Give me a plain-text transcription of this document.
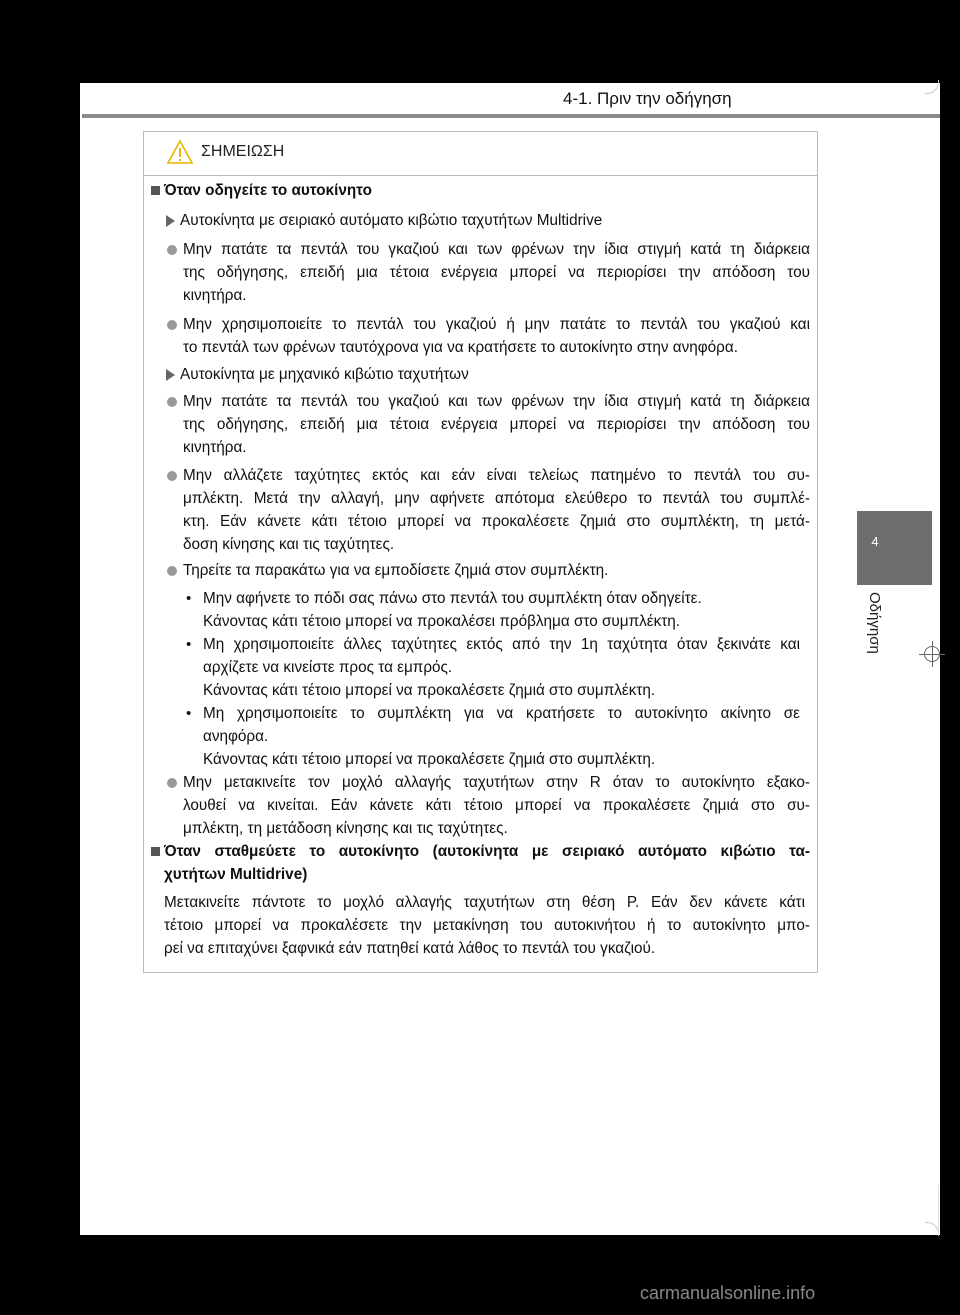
4-1. Πριν την οδήγηση
4
Οδήγηση
ΣΗΜΕΙΩΣΗ
Όταν οδηγείτε το αυτοκίνητο
Αυτοκίνητα με σειριακό αυτόματο κιβώτιο ταχυτήτων Multidrive
Μην πατάτε τα πεντάλ του γκαζιού και των φρένων την ίδια στιγμή κατά τη διάρκεια
της οδήγησης, επειδή μια τέτοια ενέργεια μπορεί να περιορίσει την απόδοση του
κινητήρα.
Μην χρησιμοποιείτε το πεντάλ του γκαζιού ή μην πατάτε το πεντάλ του γκαζιού και
το πεντάλ των φρένων ταυτόχρονα για να κρατήσετε το αυτοκίνητο στην ανηφόρα.
Αυτοκίνητα με μηχανικό κιβώτιο ταχυτήτων
Μην πατάτε τα πεντάλ του γκαζιού και των φρένων την ίδια στιγμή κατά τη διάρκεια
της οδήγησης, επειδή μια τέτοια ενέργεια μπορεί να περιορίσει την απόδοση του
κινητήρα.
Μην αλλάζετε ταχύτητες εκτός και εάν είναι τελείως πατημένο το πεντάλ του συ-
μπλέκτη. Μετά την αλλαγή, μην αφήνετε απότομα ελεύθερο το πεντάλ του συμπλέ-
κτη. Εάν κάνετε κάτι τέτοιο μπορεί να προκαλέσετε ζημιά στο συμπλέκτη, τη μετά-
δοση κίνησης και τις ταχύτητες.
Τηρείτε τα παρακάτω για να εμποδίσετε ζημιά στον συμπλέκτη.
• Μην αφήνετε το πόδι σας πάνω στο πεντάλ του συμπλέκτη όταν οδηγείτε.
Κάνοντας κάτι τέτοιο μπορεί να προκαλέσει πρόβλημα στο συμπλέκτη.
• Μη χρησιμοποιείτε άλλες ταχύτητες εκτός από την 1η ταχύτητα όταν ξεκινάτε και
αρχίζετε να κινείστε προς τα εμπρός.
Κάνοντας κάτι τέτοιο μπορεί να προκαλέσετε ζημιά στο συμπλέκτη.
• Μη χρησιμοποιείτε το συμπλέκτη για να κρατήσετε το αυτοκίνητο ακίνητο σε
ανηφόρα.
Κάνοντας κάτι τέτοιο μπορεί να προκαλέσετε ζημιά στο συμπλέκτη.
Μην μετακινείτε τον μοχλό αλλαγής ταχυτήτων στην R όταν το αυτοκίνητο εξακο-
λουθεί να κινείται. Εάν κάνετε κάτι τέτοιο μπορεί να προκαλέσετε ζημιά στο συ-
μπλέκτη, τη μετάδοση κίνησης και τις ταχύτητες.
Όταν σταθμεύετε το αυτοκίνητο (αυτοκίνητα με σειριακό αυτόματο κιβώτιο τα-
χυτήτων Multidrive)
Μετακινείτε πάντοτε το μοχλό αλλαγής ταχυτήτων στη θέση P. Εάν δεν κάνετε κάτι
τέτοιο μπορεί να προκαλέσετε την μετακίνηση του αυτοκινήτου ή το αυτοκίνητο μπο-
ρεί να επιταχύνει ξαφνικά εάν πατηθεί κατά λάθος το πεντάλ του γκαζιού.
carmanualsonline.info
